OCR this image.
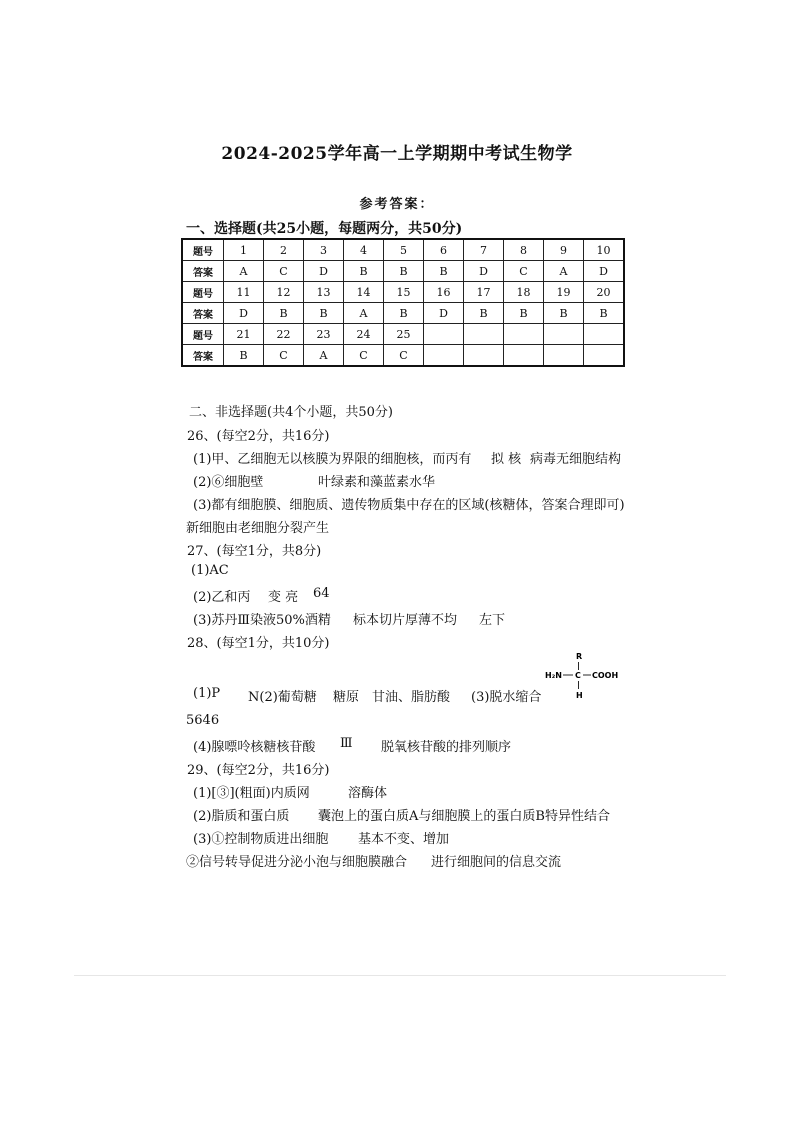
2024-2025学年高一上学期期中考试生物学
参考答案：
一、选择题(共25小题，每题两分，共50分)
题号	1	2	3	4	5	6	7	8	9	10
答案	A	C	D	B	B	B	D	C	A	D
题号	11	12	13	14	15	16	17	18	19	20
答案	D	B	B	A	B	D	B	B	B	B
题号	21	22	23	24	25					
答案	B	C	A	C	C					
二、非选择题(共4个小题，共50分)
26、(每空2分，共16分)
(1)甲、乙细胞无以核膜为界限的细胞核，而丙有 拟 核 病毒无细胞结构
(2)⑥细胞壁	叶绿素和藻蓝素水华
(3)都有细胞膜、细胞质、遗传物质集中存在的区域(核糖体，答案合理即可)
新细胞由老细胞分裂产生
27、(每空1分，共8分)
(1)AC
(2)乙和丙 变 亮 64
(3)苏丹Ⅲ染液50%酒精 标本切片厚薄不均 左下
28、(每空1分，共10分)
(1)P N(2)葡萄糖 糖原 甘油、脂肪酸 (3)脱水缩合
R
H₂N C COOH
H
5646
(4)腺嘌呤核糖核苷酸 Ⅲ 脱氧核苷酸的排列顺序
29、(每空2分，共16分)
(1)[③](粗面)内质网	溶酶体
(2)脂质和蛋白质 囊泡上的蛋白质A与细胞膜上的蛋白质B特异性结合
(3)①控制物质进出细胞 基本不变、增加
②信号转导促进分泌小泡与细胞膜融合 进行细胞间的信息交流
